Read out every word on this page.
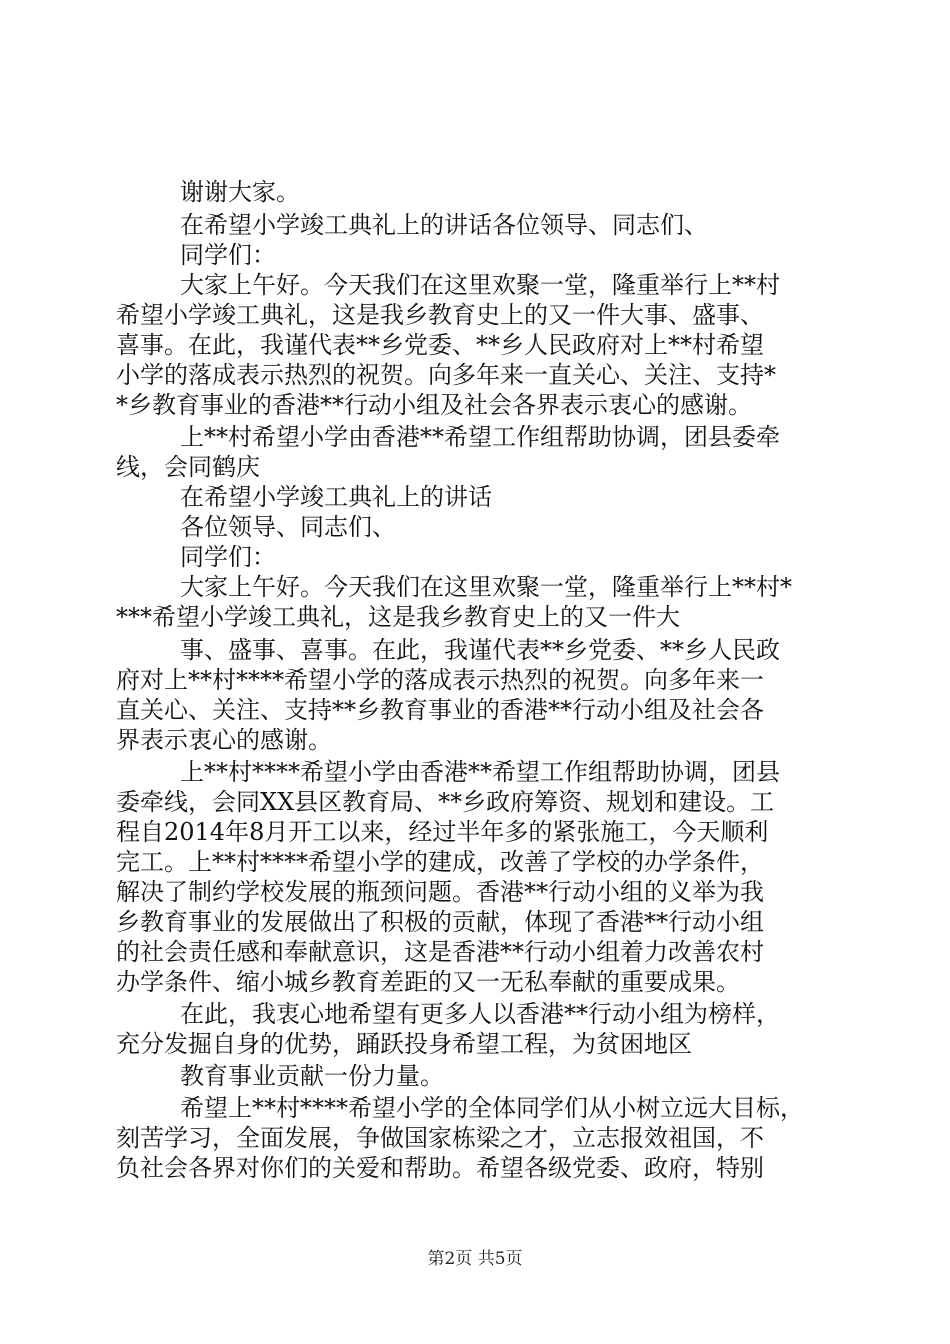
谢谢大家。
在希望小学竣工典礼上的讲话各位领导、同志们、
同学们：
大家上午好。今天我们在这里欢聚一堂，隆重举行上**村
希望小学竣工典礼，这是我乡教育史上的又一件大事、盛事、
喜事。在此，我谨代表**乡党委、**乡人民政府对上**村希望
小学的落成表示热烈的祝贺。向多年来一直关心、关注、支持*
*乡教育事业的香港**行动小组及社会各界表示衷心的感谢。
上**村希望小学由香港**希望工作组帮助协调，团县委牵
线，会同鹤庆
在希望小学竣工典礼上的讲话
各位领导、同志们、
同学们：
大家上午好。今天我们在这里欢聚一堂，隆重举行上**村*
***希望小学竣工典礼，这是我乡教育史上的又一件大
事、盛事、喜事。在此，我谨代表**乡党委、**乡人民政
府对上**村****希望小学的落成表示热烈的祝贺。向多年来一
直关心、关注、支持**乡教育事业的香港**行动小组及社会各
界表示衷心的感谢。
上**村****希望小学由香港**希望工作组帮助协调，团县
委牵线，会同XX县区教育局、**乡政府筹资、规划和建设。工
程自2014年8月开工以来，经过半年多的紧张施工，今天顺利
完工。上**村****希望小学的建成，改善了学校的办学条件，
解决了制约学校发展的瓶颈问题。香港**行动小组的义举为我
乡教育事业的发展做出了积极的贡献，体现了香港**行动小组
的社会责任感和奉献意识，这是香港**行动小组着力改善农村
办学条件、缩小城乡教育差距的又一无私奉献的重要成果。
在此，我衷心地希望有更多人以香港**行动小组为榜样，
充分发掘自身的优势，踊跃投身希望工程，为贫困地区
教育事业贡献一份力量。
希望上**村****希望小学的全体同学们从小树立远大目标，
刻苦学习，全面发展，争做国家栋梁之才，立志报效祖国，不
负社会各界对你们的关爱和帮助。希望各级党委、政府，特别
第2页 共5页
